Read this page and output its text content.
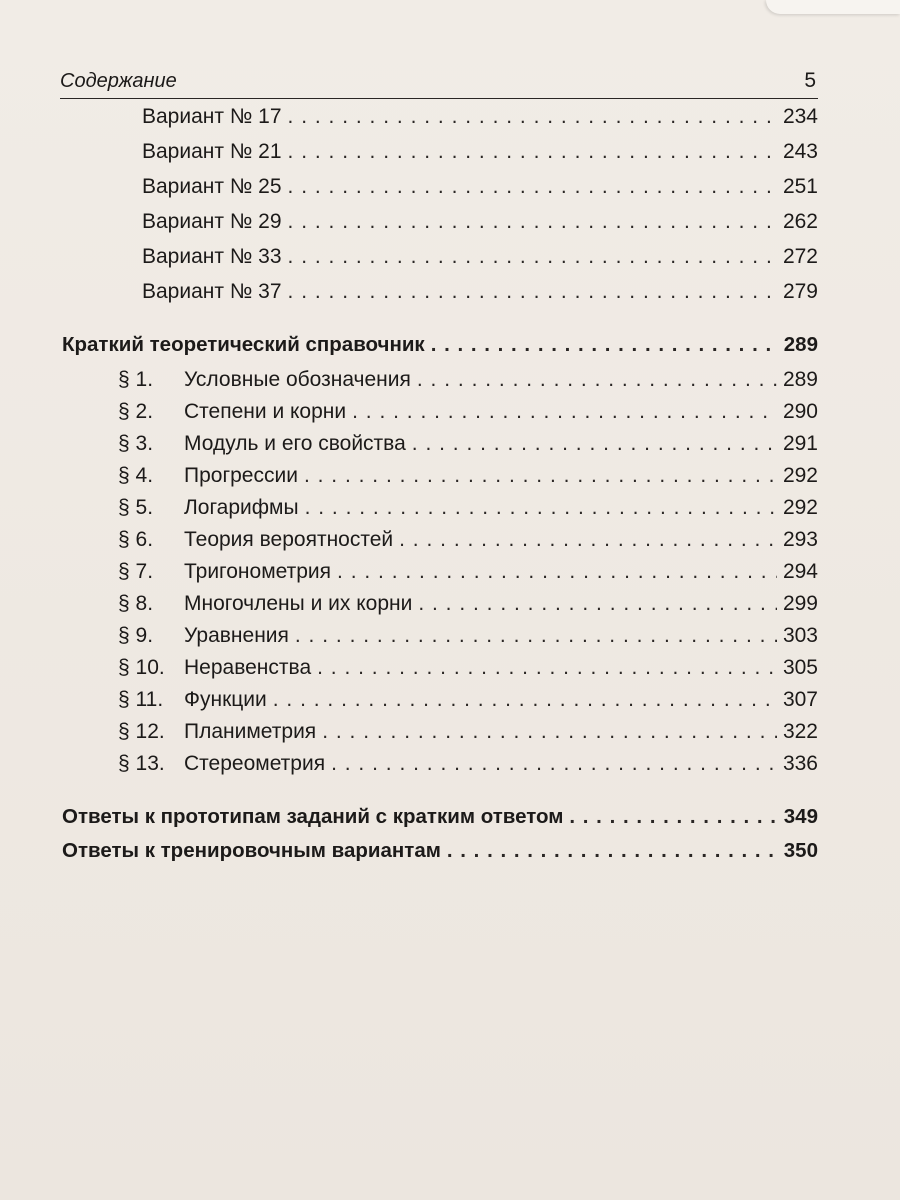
Содержание	5
Вариант № 17 . . .	234
Вариант № 21 . . .	243
Вариант № 25 . . .	251
Вариант № 29 . . .	262
Вариант № 33 . . .	272
Вариант № 37 . . .	279
Краткий теоретический справочник . . .	289
§ 1.	Условные обозначения . . .	289
§ 2.	Степени и корни . . .	290
§ 3.	Модуль и его свойства . . .	291
§ 4.	Прогрессии . . .	292
§ 5.	Логарифмы . . .	292
§ 6.	Теория вероятностей . . .	293
§ 7.	Тригонометрия . . .	294
§ 8.	Многочлены и их корни . . .	299
§ 9.	Уравнения . . .	303
§ 10. Неравенства . . .	305
§ 11. Функции . . .	307
§ 12. Планиметрия . . .	322
§ 13. Стереометрия . . .	336
Ответы к прототипам заданий с кратким ответом . . .	349
Ответы к тренировочным вариантам . . .	350
